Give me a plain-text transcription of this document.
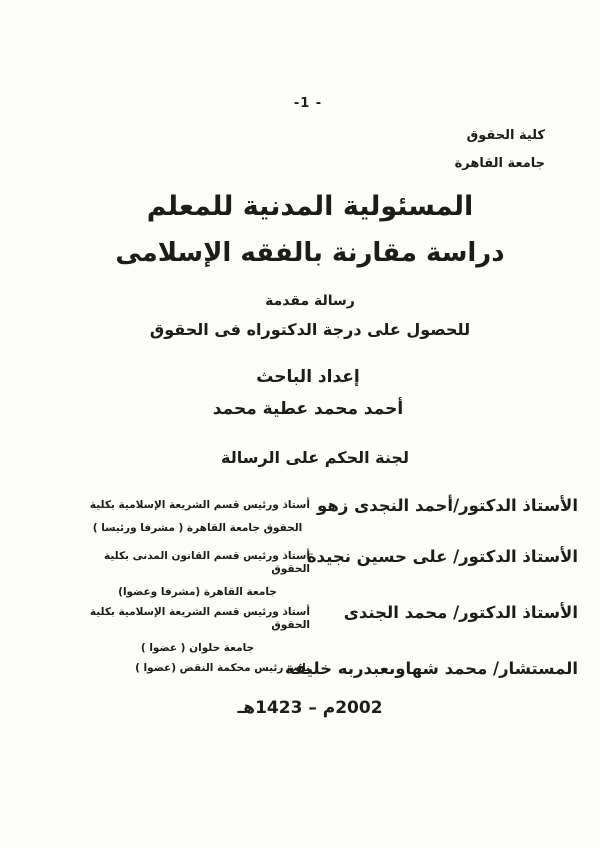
-1 -
كلية الحقوق
جامعة القاهرة
المسئولية المدنية للمعلم
دراسة مقارنة بالفقه الإسلامى
رسالة مقدمة
للحصول على درجة الدكتوراه فى الحقوق
إعداد الباحث
أحمد محمد عطية محمد
لجنة الحكم على الرسالة
الأستاذ الدكتور/أحمد النجدى زهو
أستاذ ورئيس قسم الشريعة الإسلامية بكلية
الحقوق جامعة القاهرة ( مشرفا ورئيسا )
الأستاذ الدكتور/ على حسين نجيدة
أستاذ ورئيس قسم القانون المدنى بكلية الحقوق
جامعة القاهرة (مشرفا وعضوا)
الأستاذ الدكتور/ محمد الجندى
أستاذ ورئيس قسم الشريعة الإسلامية بكلية الحقوق
جامعة حلوان ( عضوا )
المستشار/ محمد شهاوىعبدربه خليفة
نائب رئيس محكمة النقض (عضوا )
2002م – 1423هـ
